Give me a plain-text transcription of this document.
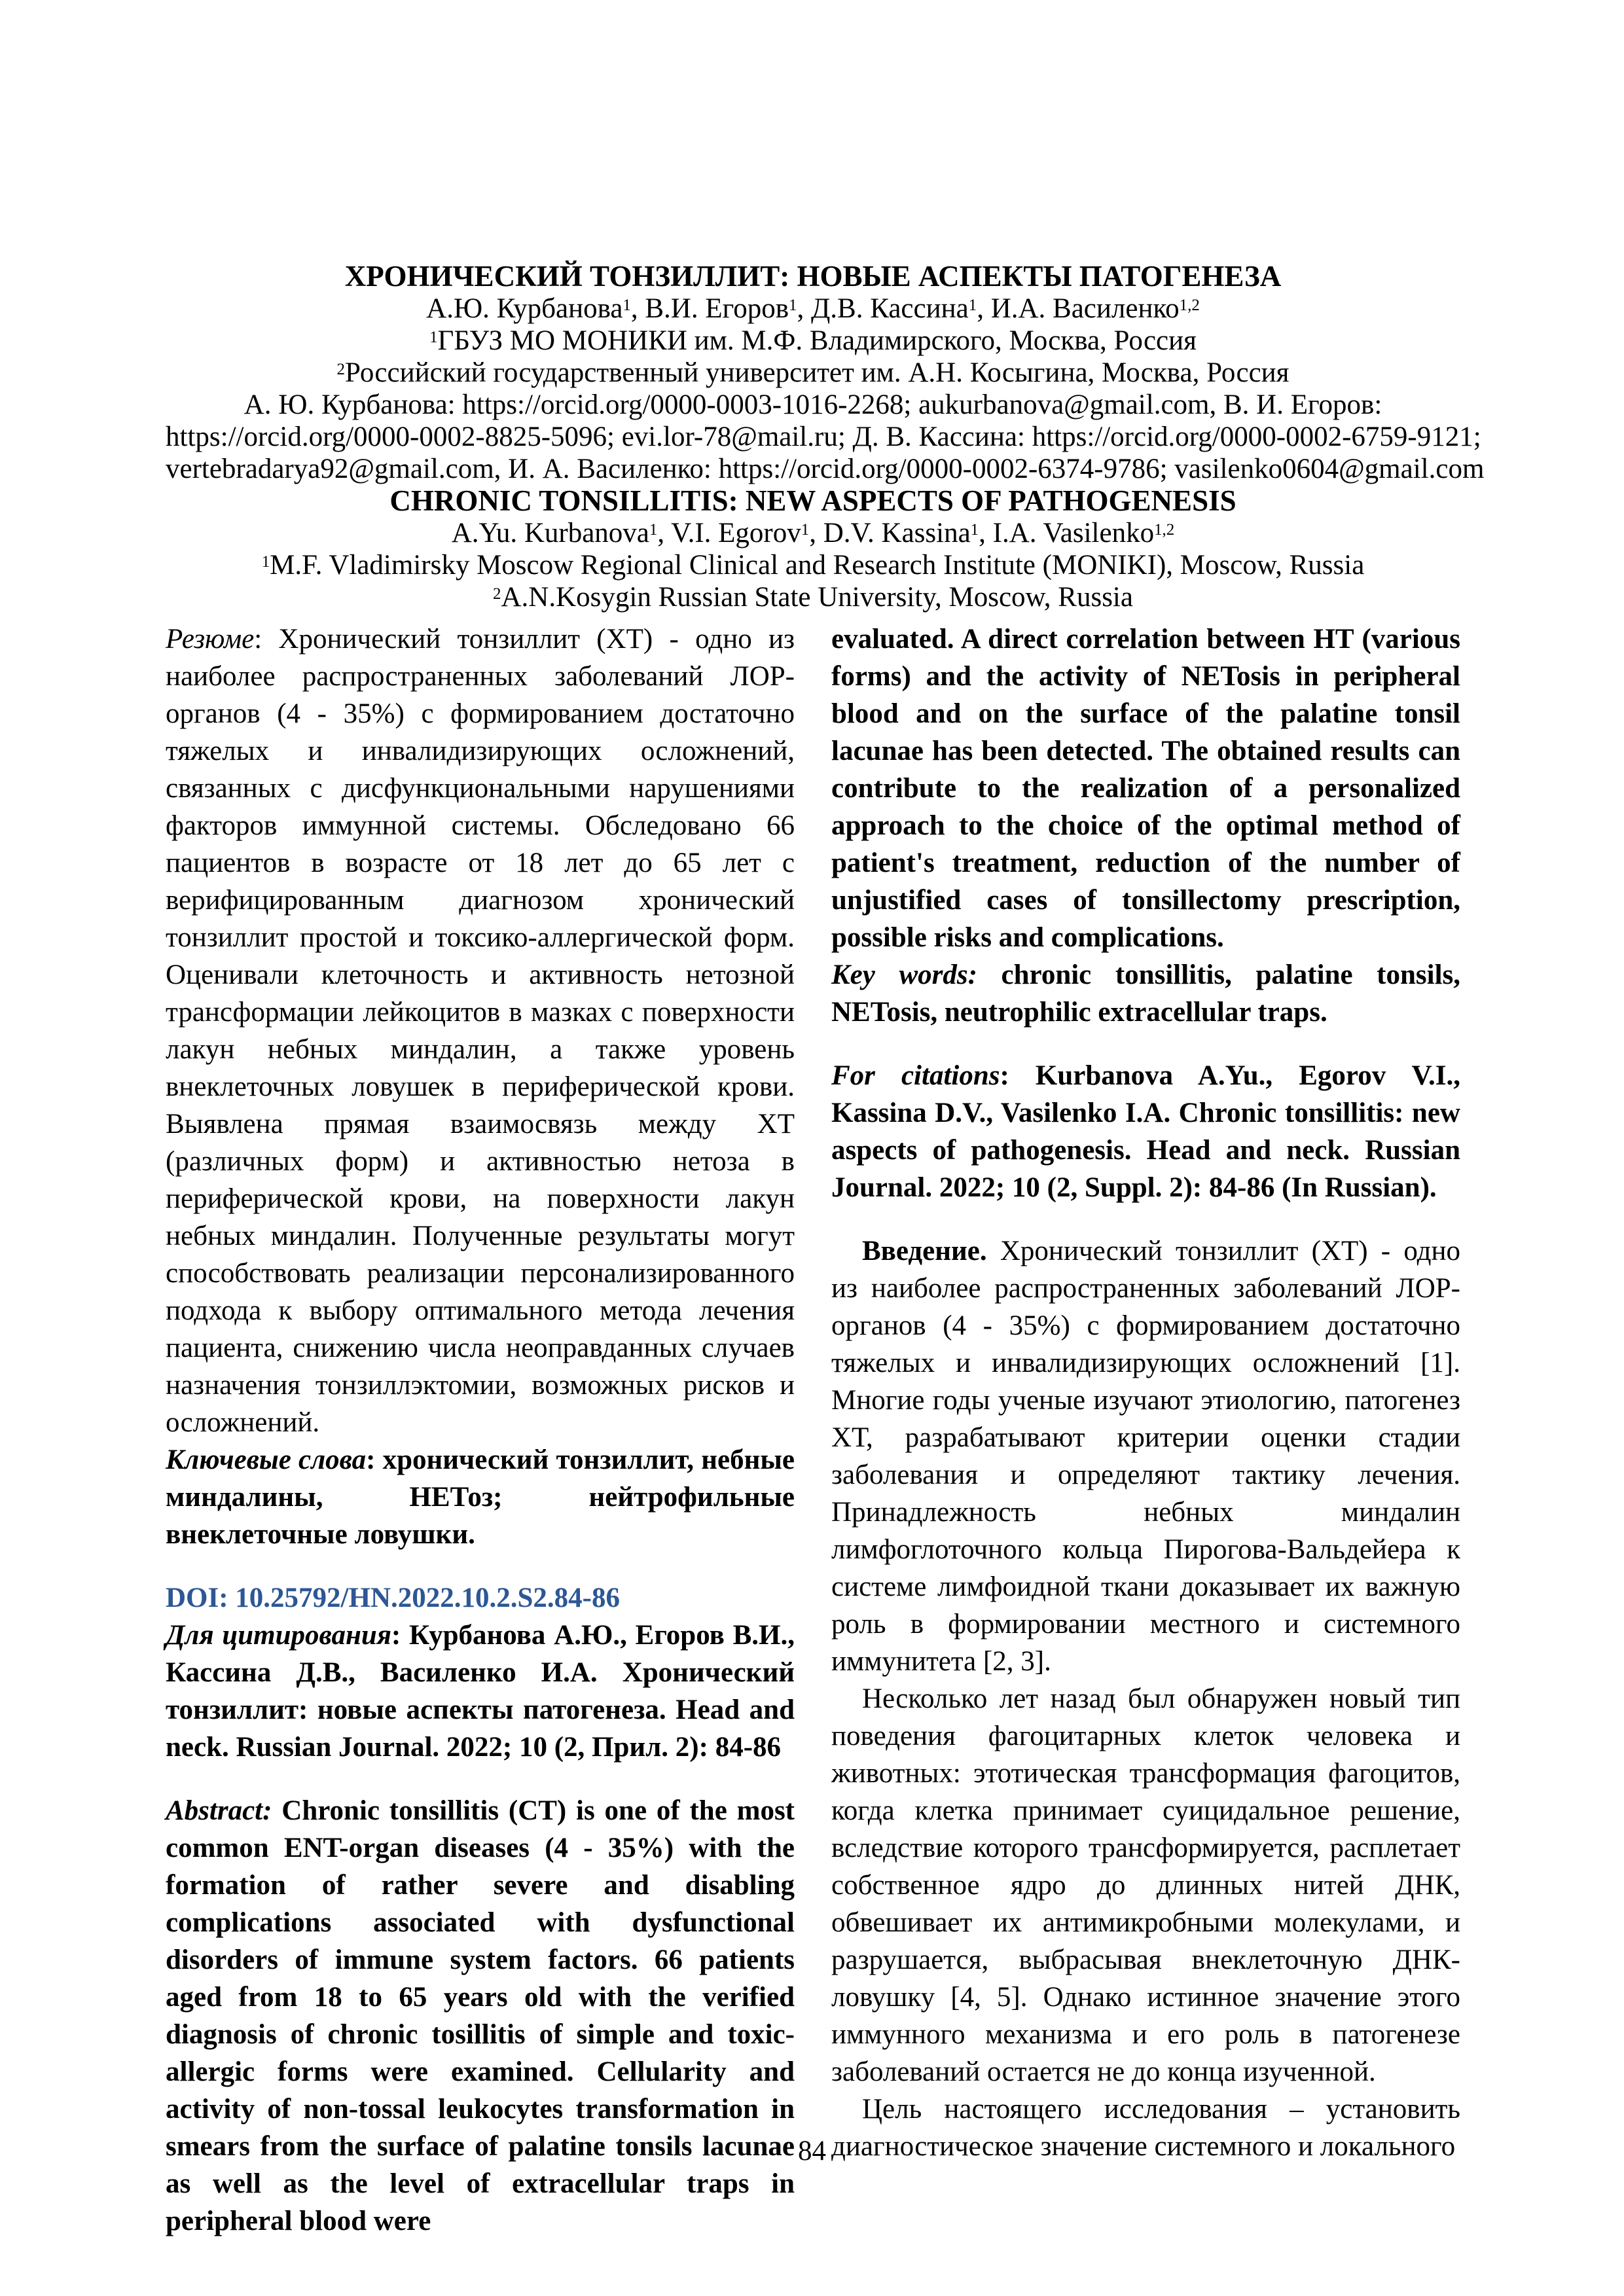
ХРОНИЧЕСКИЙ ТОНЗИЛЛИТ: НОВЫЕ АСПЕКТЫ ПАТОГЕНЕЗА
А.Ю. Курбанова$^1$, В.И. Егоров$^1$, Д.В. Кассина$^1$, И.А. Василенко$^{1,2}$
$^1$ГБУЗ МО МОНИКИ им. М.Ф. Владимирского, Москва, Россия
$^2$Российский государственный университет им. А.Н. Косыгина, Москва, Россия
А. Ю. Курбанова: https://orcid.org/0000-0003-1016-2268; aukurbanova@gmail.com, В. И. Егоров:
https://orcid.org/0000-0002-8825-5096; evi.lor-78@mail.ru; Д. В. Кассина: https://orcid.org/0000-0002-6759-9121;
vertebradarya92@gmail.com, И. А. Василенко: https://orcid.org/0000-0002-6374-9786; vasilenko0604@gmail.com
CHRONIC TONSILLITIS: NEW ASPECTS OF PATHOGENESIS
A.Yu. Kurbanova$^1$, V.I. Egorov$^1$, D.V. Kassina$^1$, I.A. Vasilenko$^{1,2}$
$^1$M.F. Vladimirsky Moscow Regional Clinical and Research Institute (MONIKI), Moscow, Russia
$^2$A.N.Kosygin Russian State University, Moscow, Russia

Резюме: Хронический тонзиллит (ХТ) - одно из наиболее распространенных заболеваний ЛОР-органов (4 - 35%) с формированием достаточно тяжелых и инвалидизирующих осложнений, связанных с дисфункциональными нарушениями факторов иммунной системы. Обследовано 66 пациентов в возрасте от 18 лет до 65 лет с верифицированным диагнозом хронический тонзиллит простой и токсико-аллергической форм. Оценивали клеточность и активность нетозной трансформации лейкоцитов в мазках с поверхности лакун небных миндалин, а также уровень внеклеточных ловушек в периферической крови. Выявлена прямая взаимосвязь между ХТ (различных форм) и активностью нетоза в периферической крови, на поверхности лакун небных миндалин. Полученные результаты могут способствовать реализации персонализированного подхода к выбору оптимального метода лечения пациента, снижению числа неоправданных случаев назначения тонзиллэктомии, возможных рисков и осложнений.

Ключевые слова: хронический тонзиллит, небные миндалины, НЕТоз; нейтрофильные внеклеточные ловушки.

DOI: 10.25792/HN.2022.10.2.S2.84-86

Для цитирования: Курбанова А.Ю., Егоров В.И., Кассина Д.В., Василенко И.А. Хронический тонзиллит: новые аспекты патогенеза. Head and neck. Russian Journal. 2022; 10 (2, Прил. 2): 84-86

Abstract: Chronic tonsillitis (CT) is one of the most common ENT-organ diseases (4 - 35%) with the formation of rather severe and disabling complications associated with dysfunctional disorders of immune system factors. 66 patients aged from 18 to 65 years old with the verified diagnosis of chronic tosillitis of simple and toxic-allergic forms were examined. Cellularity and activity of non-tossal leukocytes transformation in smears from the surface of palatine tonsils lacunae as well as the level of extracellular traps in peripheral blood were

evaluated. A direct correlation between HT (various forms) and the activity of NETosis in peripheral blood and on the surface of the palatine tonsil lacunae has been detected. The obtained results can contribute to the realization of a personalized approach to the choice of the optimal method of patient's treatment, reduction of the number of unjustified cases of tonsillectomy prescription, possible risks and complications.

Key words: chronic tonsillitis, palatine tonsils, NETosis, neutrophilic extracellular traps.

For citations: Kurbanova A.Yu., Egorov V.I., Kassina D.V., Vasilenko I.A. Chronic tonsillitis: new aspects of pathogenesis. Head and neck. Russian Journal. 2022; 10 (2, Suppl. 2): 84-86 (In Russian).

Введение. Хронический тонзиллит (ХТ) - одно из наиболее распространенных заболеваний ЛОР-органов (4 - 35%) с формированием достаточно тяжелых и инвалидизирующих осложнений [1]. Многие годы ученые изучают этиологию, патогенез ХТ, разрабатывают критерии оценки стадии заболевания и определяют тактику лечения. Принадлежность небных миндалин лимфоглоточного кольца Пирогова-Вальдейера к системе лимфоидной ткани доказывает их важную роль в формировании местного и системного иммунитета [2, 3].

Несколько лет назад был обнаружен новый тип поведения фагоцитарных клеток человека и животных: этотическая трансформация фагоцитов, когда клетка принимает суицидальное решение, вследствие которого трансформируется, расплетает собственное ядро до длинных нитей ДНК, обвешивает их антимикробными молекулами, и разрушается, выбрасывая внеклеточную ДНК-ловушку [4, 5]. Однако истинное значение этого иммунного механизма и его роль в патогенезе заболеваний остается не до конца изученной.

Цель настоящего исследования – установить диагностическое значение системного и локального

84
